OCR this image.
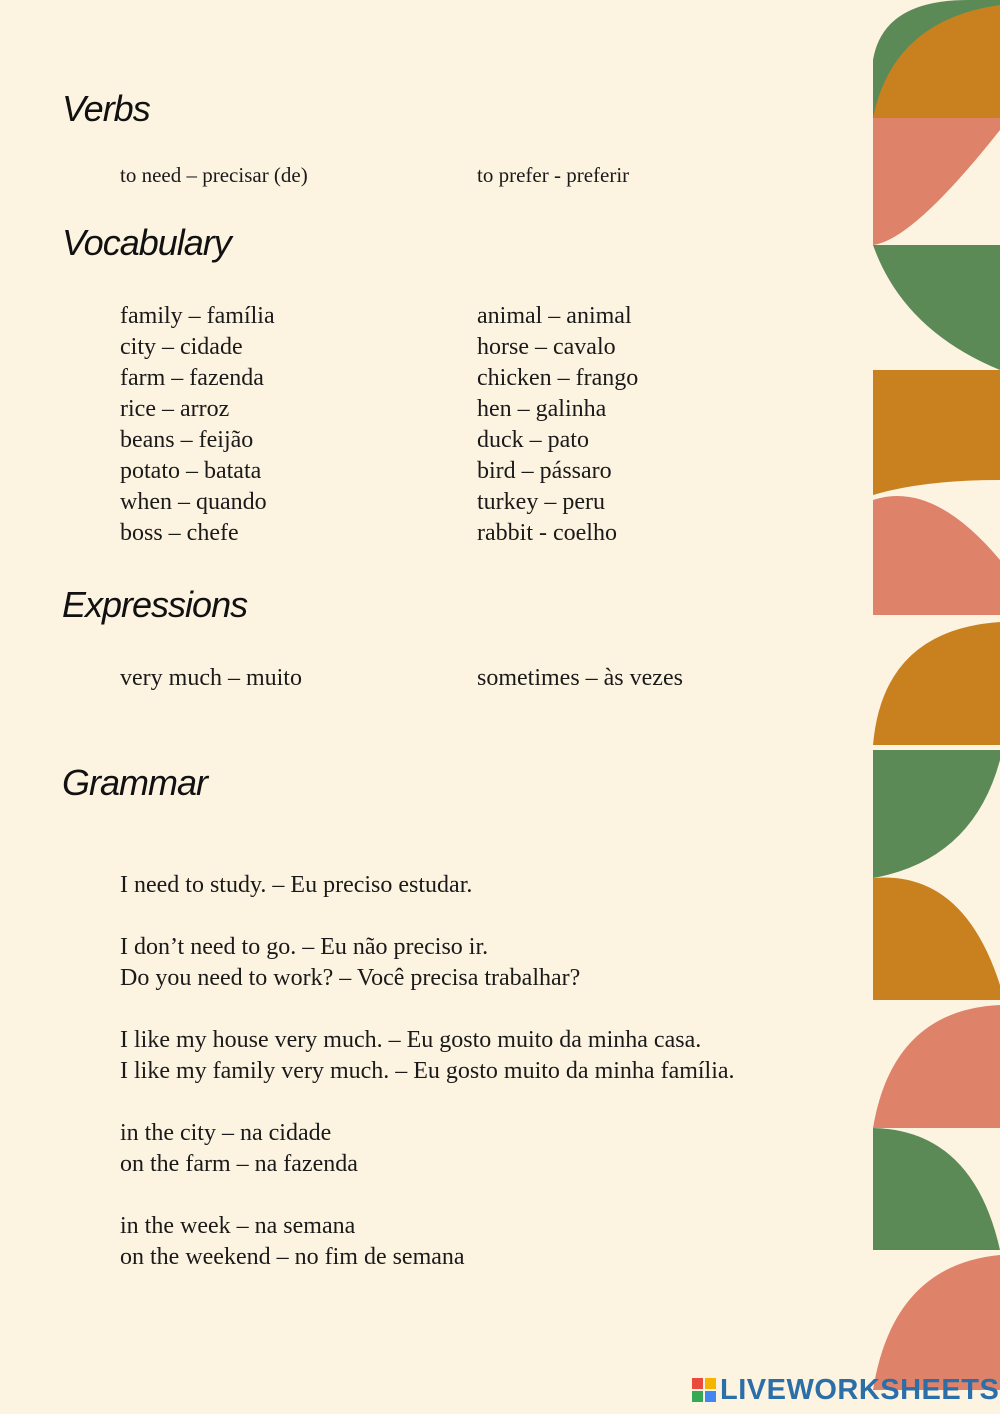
Verbs
to need – precisar (de)	to prefer - preferir
Vocabulary
family – família
city – cidade
farm – fazenda
rice – arroz
beans – feijão
potato – batata
when – quando
boss – chefe
animal – animal
horse – cavalo
chicken – frango
hen – galinha
duck – pato
bird – pássaro
turkey – peru
rabbit - coelho
Expressions
very much – muito	sometimes – às vezes
Grammar
I need to study. – Eu preciso estudar.
I don’t need to go. – Eu não preciso ir.
Do you need to work? – Você precisa trabalhar?
I like my house very much. – Eu gosto muito da minha casa.
I like my family very much. – Eu gosto muito da minha família.
in the city – na cidade
on the farm – na fazenda
in the week – na semana
on the weekend – no fim de semana
LIVEWORKSHEETS
